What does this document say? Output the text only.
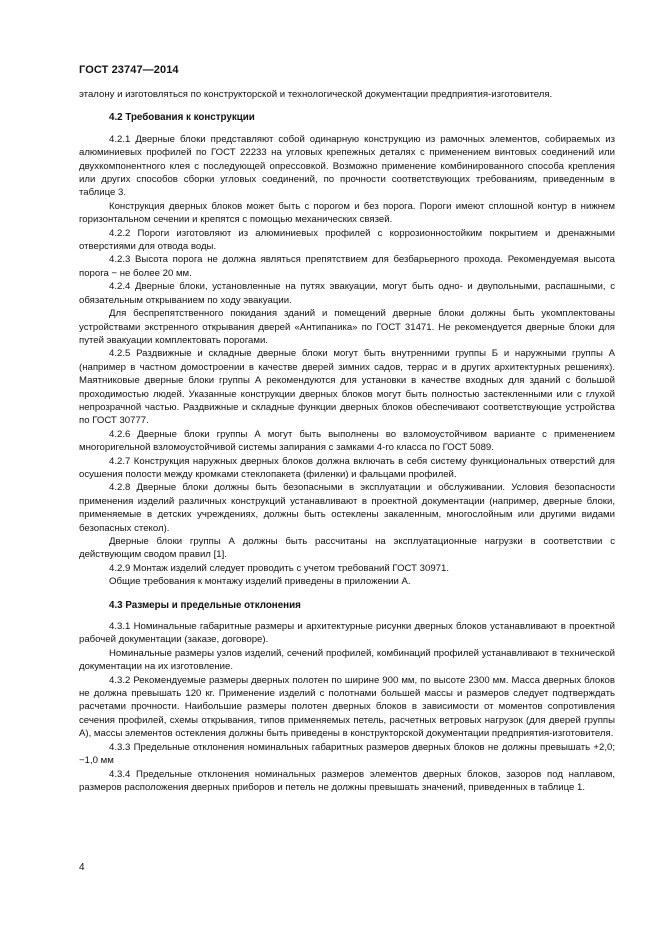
ГОСТ 23747—2014

эталону и изготовляться по конструкторской и технологической документации предприятия-изготовителя.

4.2 Требования к конструкции

4.2.1 Дверные блоки представляют собой одинарную конструкцию из рамочных элементов, собираемых из алюминиевых профилей по ГОСТ 22233 на угловых крепежных деталях с применением винтовых соединений или двухкомпонентного клея с последующей опрессовкой. Возможно применение комбинированного способа крепления или других способов сборки угловых соединений, по прочности соответствующих требованиям, приведенным в таблице 3.

Конструкция дверных блоков может быть с порогом и без порога. Пороги имеют сплошной контур в нижнем горизонтальном сечении и крепятся с помощью механических связей.

4.2.2 Пороги изготовляют из алюминиевых профилей с коррозионностойким покрытием и дренажными отверстиями для отвода воды.

4.2.3 Высота порога не должна являться препятствием для безбарьерного прохода. Рекомендуемая высота порога − не более 20 мм.

4.2.4 Дверные блоки, установленные на путях эвакуации, могут быть одно- и двупольными, распашными, с обязательным открыванием по ходу эвакуации.

Для беспрепятственного покидания зданий и помещений дверные блоки должны быть укомплектованы устройствами экстренного открывания дверей «Антипаника» по ГОСТ 31471. Не рекомендуется дверные блоки для путей эвакуации комплектовать порогами.

4.2.5 Раздвижные и складные дверные блоки могут быть внутренними группы Б и наружными группы А (например в частном домостроении в качестве дверей зимних садов, террас и в других архитектурных решениях). Маятниковые дверные блоки группы А рекомендуются для установки в качестве входных для зданий с большой проходимостью людей. Указанные конструкции дверных блоков могут быть полностью застекленными или с глухой непрозрачной частью. Раздвижные и складные функции дверных блоков обеспечивают соответствующие устройства по ГОСТ 30777.

4.2.6 Дверные блоки группы А могут быть выполнены во взломоустойчивом варианте с применением многоригельной взломоустойчивой системы запирания с замками 4-го класса по ГОСТ 5089.

4.2.7 Конструкция наружных дверных блоков должна включать в себя систему функциональных отверстий для осушения полости между кромками стеклопакета (филенки) и фальцами профилей.

4.2.8 Дверные блоки должны быть безопасными в эксплуатации и обслуживании. Условия безопасности применения изделий различных конструкций устанавливают в проектной документации (например, дверные блоки, применяемые в детских учреждениях, должны быть остеклены закаленным, многослойным или другими видами безопасных стекол).

Дверные блоки группы А должны быть рассчитаны на эксплуатационные нагрузки в соответствии с действующим сводом правил [1].

4.2.9 Монтаж изделий следует проводить с учетом требований ГОСТ 30971.

Общие требования к монтажу изделий приведены в приложении А.

4.3 Размеры и предельные отклонения

4.3.1 Номинальные габаритные размеры и архитектурные рисунки дверных блоков устанавливают в проектной рабочей документации (заказе, договоре).

Номинальные размеры узлов изделий, сечений профилей, комбинаций профилей устанавливают в технической документации на их изготовление.

4.3.2 Рекомендуемые размеры дверных полотен по ширине 900 мм, по высоте 2300 мм. Масса дверных блоков не должна превышать 120 кг. Применение изделий с полотнами большей массы и размеров следует подтверждать расчетами прочности. Наибольшие размеры полотен дверных блоков в зависимости от моментов сопротивления сечения профилей, схемы открывания, типов применяемых петель, расчетных ветровых нагрузок (для дверей группы А), массы элементов остекления должны быть приведены в конструкторской документации предприятия-изготовителя.

4.3.3 Предельные отклонения номинальных габаритных размеров дверных блоков не должны превышать +2,0; −1,0 мм

4.3.4 Предельные отклонения номинальных размеров элементов дверных блоков, зазоров под наплавом, размеров расположения дверных приборов и петель не должны превышать значений, приведенных в таблице 1.

4
